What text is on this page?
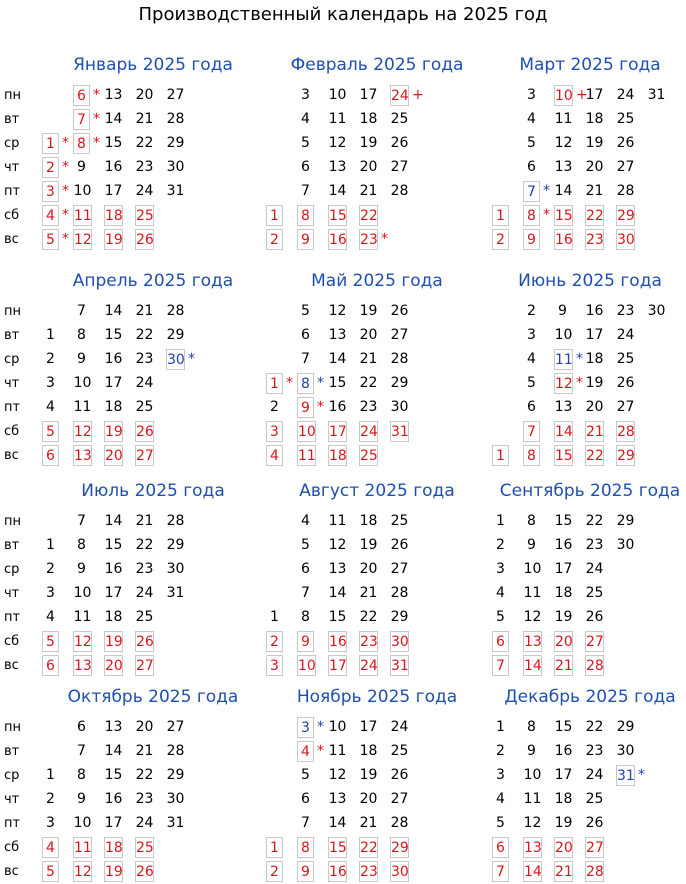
Производственный календарь на 2025 год
Январь 2025 года
пн
вт
ср
чт
пт
сб
вс
1 *
2 *
3 *
4 *
5 *
6 *
7 *
8 *
9
10
11
12
13
14
15
16
17
18
19
20
21
22
23
24
25
26
27
28
29
30
31
Февраль 2025 года
1
2
3
4
5
6
7
8
9
10
11
12
13
14
15
16
17
18
19
20
21
22
23 *
24 +
25
26
27
28
Март 2025 года
1
2
3
4
5
6
7 *
8 *
9
10 +
11
12
13
14
15
16
17
18
19
20
21
22
23
24
25
26
27
28
29
30
31
Апрель 2025 года
пн
вт
ср
чт
пт
сб
вс
1
2
3
4
5
6
7
8
9
10
11
12
13
14
15
16
17
18
19
20
21
22
23
24
25
26
27
28
29
30 *
Май 2025 года
1 *
2
3
4
5
6
7
8 *
9 *
10
11
12
13
14
15
16
17
18
19
20
21
22
23
24
25
26
27
28
29
30
31
Июнь 2025 года
1
2
3
4
5
6
7
8
9
10
11 *
12 *
13
14
15
16
17
18
19
20
21
22
23
24
25
26
27
28
29
30
Июль 2025 года
пн
вт
ср
чт
пт
сб
вс
1
2
3
4
5
6
7
8
9
10
11
12
13
14
15
16
17
18
19
20
21
22
23
24
25
26
27
28
29
30
31
Август 2025 года
1
2
3
4
5
6
7
8
9
10
11
12
13
14
15
16
17
18
19
20
21
22
23
24
25
26
27
28
29
30
31
Сентябрь 2025 года
1
2
3
4
5
6
7
8
9
10
11
12
13
14
15
16
17
18
19
20
21
22
23
24
25
26
27
28
29
30
Октябрь 2025 года
пн
вт
ср
чт
пт
сб
вс
1
2
3
4
5
6
7
8
9
10
11
12
13
14
15
16
17
18
19
20
21
22
23
24
25
26
27
28
29
30
31
Ноябрь 2025 года
1
2
3 *
4 *
5
6
7
8
9
10
11
12
13
14
15
16
17
18
19
20
21
22
23
24
25
26
27
28
29
30
Декабрь 2025 года
1
2
3
4
5
6
7
8
9
10
11
12
13
14
15
16
17
18
19
20
21
22
23
24
25
26
27
28
29
30
31 *
